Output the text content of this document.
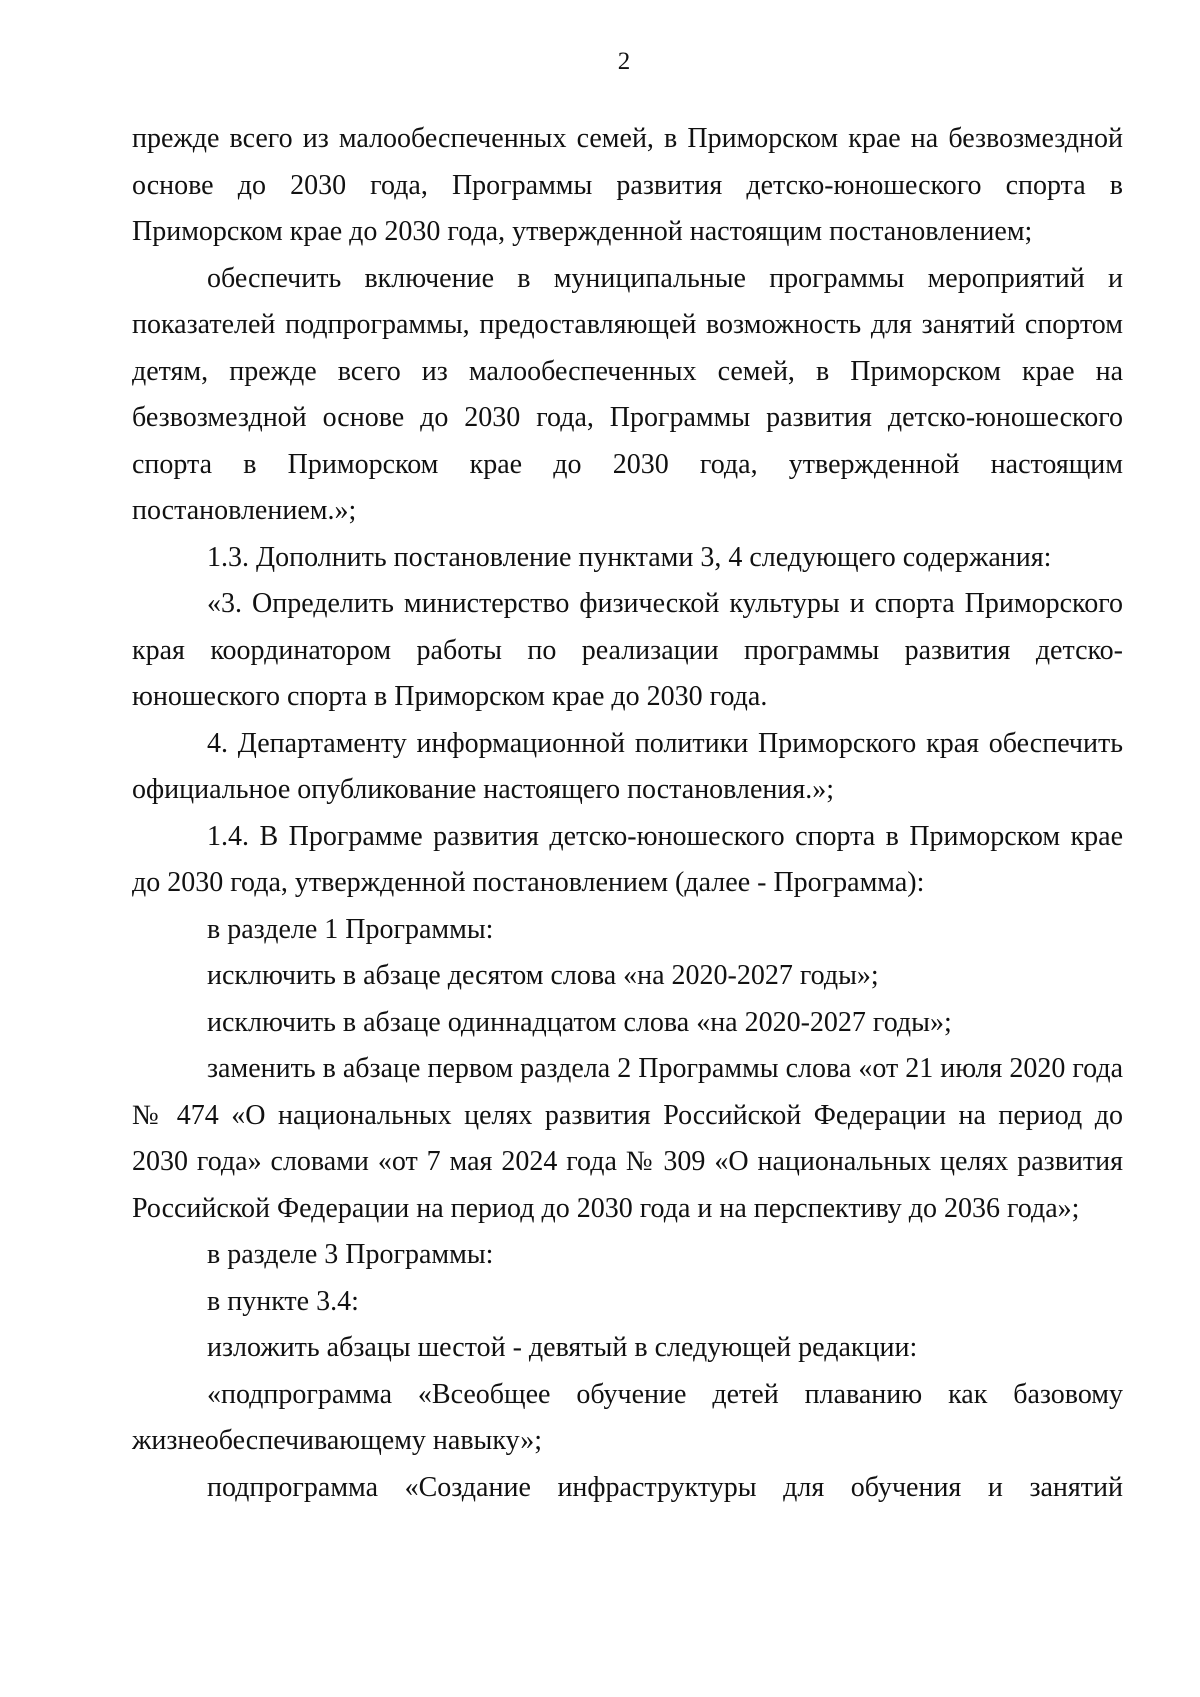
2

прежде всего из малообеспеченных семей, в Приморском крае на безвозмездной основе до 2030 года, Программы развития детско-юношеского спорта в Приморском крае до 2030 года, утвержденной настоящим постановлением;

обеспечить включение в муниципальные программы мероприятий и показателей подпрограммы, предоставляющей возможность для занятий спортом детям, прежде всего из малообеспеченных семей, в Приморском крае на безвозмездной основе до 2030 года, Программы развития детско-юношеского спорта в Приморском крае до 2030 года, утвержденной настоящим постановлением.»;

1.3. Дополнить постановление пунктами 3, 4 следующего содержания:

«3. Определить министерство физической культуры и спорта Приморского края координатором работы по реализации программы развития детско-юношеского спорта в Приморском крае до 2030 года.

4. Департаменту информационной политики Приморского края обеспечить официальное опубликование настоящего постановления.»;

1.4. В Программе развития детско-юношеского спорта в Приморском крае до 2030 года, утвержденной постановлением (далее - Программа):

в разделе 1 Программы:

исключить в абзаце десятом слова «на 2020-2027 годы»;

исключить в абзаце одиннадцатом слова «на 2020-2027 годы»;

заменить в абзаце первом раздела 2 Программы слова «от 21 июля 2020 года № 474 «О национальных целях развития Российской Федерации на период до 2030 года» словами «от 7 мая 2024 года № 309 «О национальных целях развития Российской Федерации на период до 2030 года и на перспективу до 2036 года»;

в разделе 3 Программы:

в пункте 3.4:

изложить абзацы шестой - девятый в следующей редакции:

«подпрограмма «Всеобщее обучение детей плаванию как базовому жизнеобеспечивающему навыку»;

подпрограмма «Создание инфраструктуры для обучения и занятий
